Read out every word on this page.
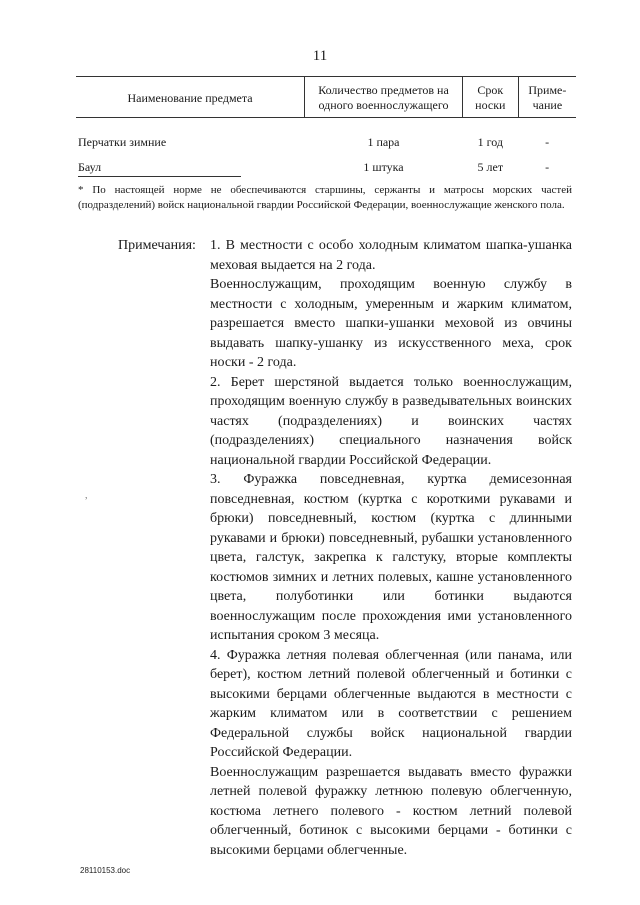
11
Наименование предмета	Количество предметов на одного военнослужащего	Срок носки	Приме-чание
Перчатки зимние	1 пара	1 год	-
Баул	1 штука	5 лет	-
* По настоящей норме не обеспечиваются старшины, сержанты и матросы морских частей (подразделений) войск национальной гвардии Российской Федерации, военнослужащие женского пола.
Примечания: 1. В местности с особо холодным климатом шапка-ушанка меховая выдается на 2 года.

Военнослужащим, проходящим военную службу в местности с холодным, умеренным и жарким климатом, разрешается вместо шапки-ушанки меховой из овчины выдавать шапку-ушанку из искусственного меха, срок носки - 2 года.

2. Берет шерстяной выдается только военнослужащим, проходящим военную службу в разведывательных воинских частях (подразделениях) и воинских частях (подразделениях) специального назначения войск национальной гвардии Российской Федерации.

3. Фуражка повседневная, куртка демисезонная повседневная, костюм (куртка с короткими рукавами и брюки) повседневный, костюм (куртка с длинными рукавами и брюки) повседневный, рубашки установленного цвета, галстук, закрепка к галстуку, вторые комплекты костюмов зимних и летних полевых, кашне установленного цвета, полуботинки или ботинки выдаются военнослужащим после прохождения ими установленного испытания сроком 3 месяца.

4. Фуражка летняя полевая облегченная (или панама, или берет), костюм летний полевой облегченный и ботинки с высокими берцами облегченные выдаются в местности с жарким климатом или в соответствии с решением Федеральной службы войск национальной гвардии Российской Федерации.

Военнослужащим разрешается выдавать вместо фуражки летней полевой фуражку летнюю полевую облегченную, костюма летнего полевого - костюм летний полевой облегченный, ботинок с высокими берцами - ботинки с высокими берцами облегченные.

,
28110153.doc
